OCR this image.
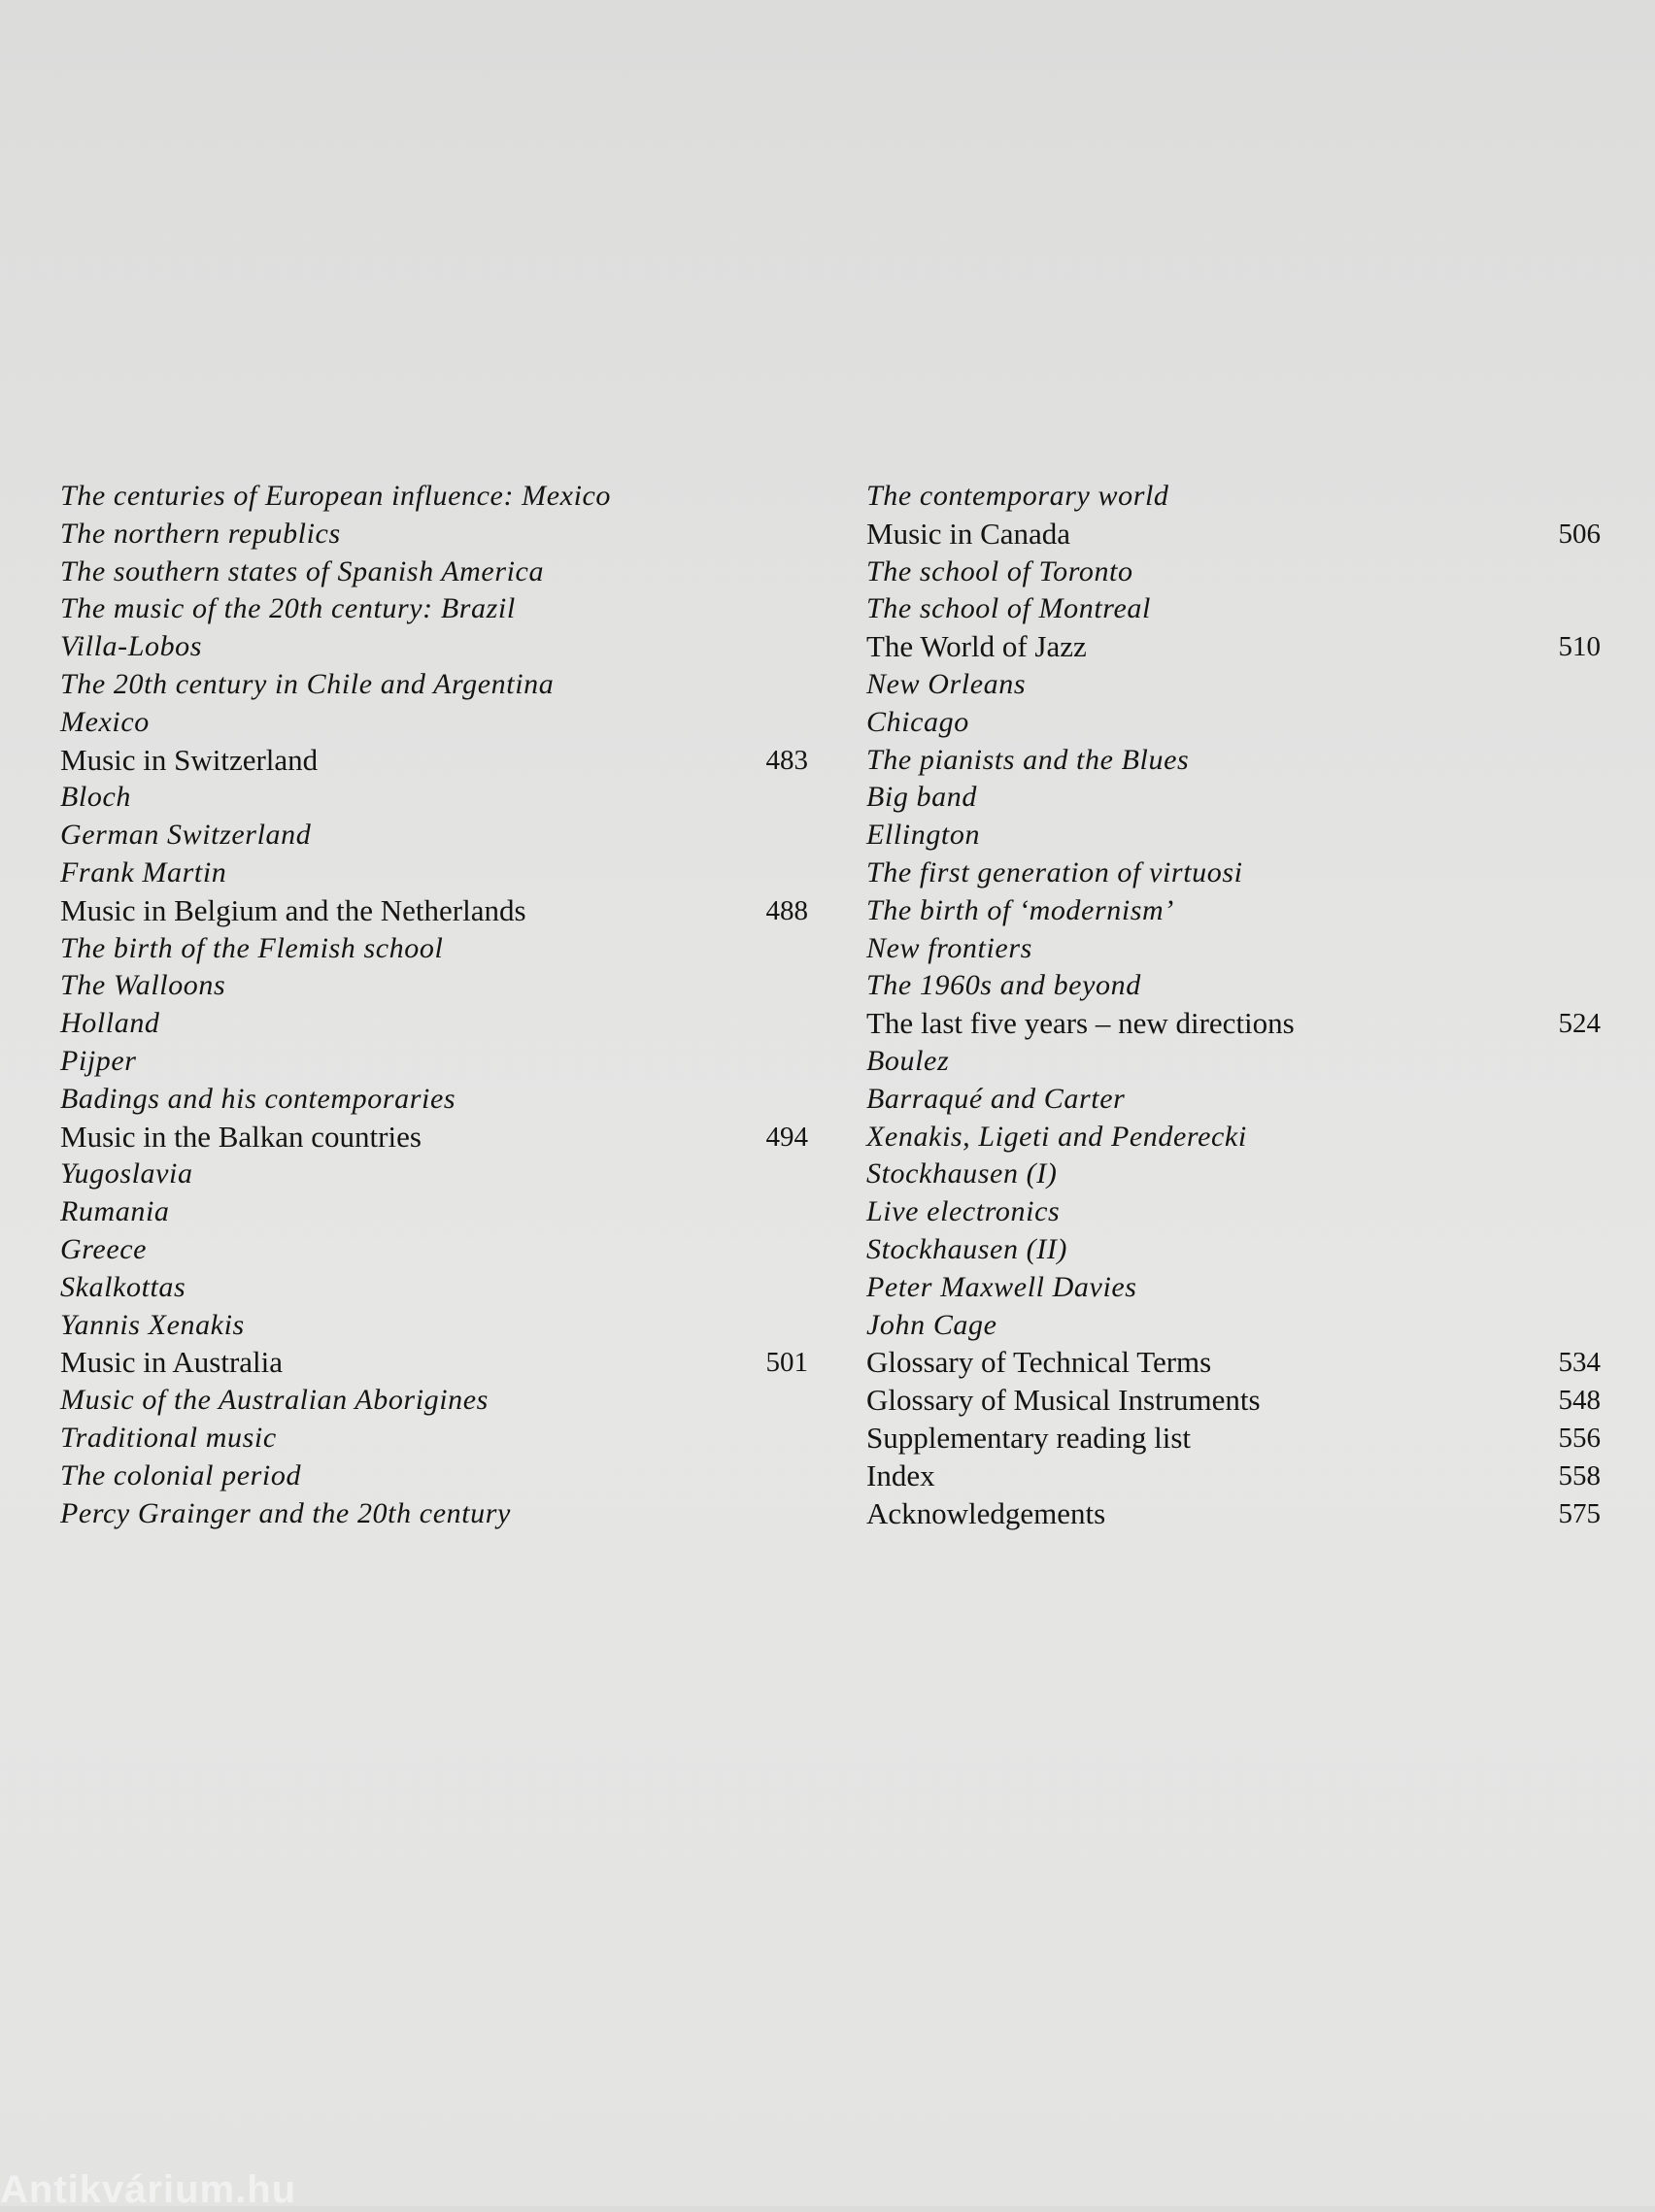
The centuries of European influence: Mexico
The northern republics
The southern states of Spanish America
The music of the 20th century: Brazil
Villa-Lobos
The 20th century in Chile and Argentina
Mexico
Music in Switzerland	483
Bloch
German Switzerland
Frank Martin
Music in Belgium and the Netherlands	488
The birth of the Flemish school
The Walloons
Holland
Pijper
Badings and his contemporaries
Music in the Balkan countries	494
Yugoslavia
Rumania
Greece
Skalkottas
Yannis Xenakis
Music in Australia	501
Music of the Australian Aborigines
Traditional music
The colonial period
Percy Grainger and the 20th century
The contemporary world
Music in Canada	506
The school of Toronto
The school of Montreal
The World of Jazz	510
New Orleans
Chicago
The pianists and the Blues
Big band
Ellington
The first generation of virtuosi
The birth of ‘modernism’
New frontiers
The 1960s and beyond
The last five years – new directions	524
Boulez
Barraqué and Carter
Xenakis, Ligeti and Penderecki
Stockhausen (I)
Live electronics
Stockhausen (II)
Peter Maxwell Davies
John Cage
Glossary of Technical Terms	534
Glossary of Musical Instruments	548
Supplementary reading list	556
Index	558
Acknowledgements	575
Antikvárium.hu
